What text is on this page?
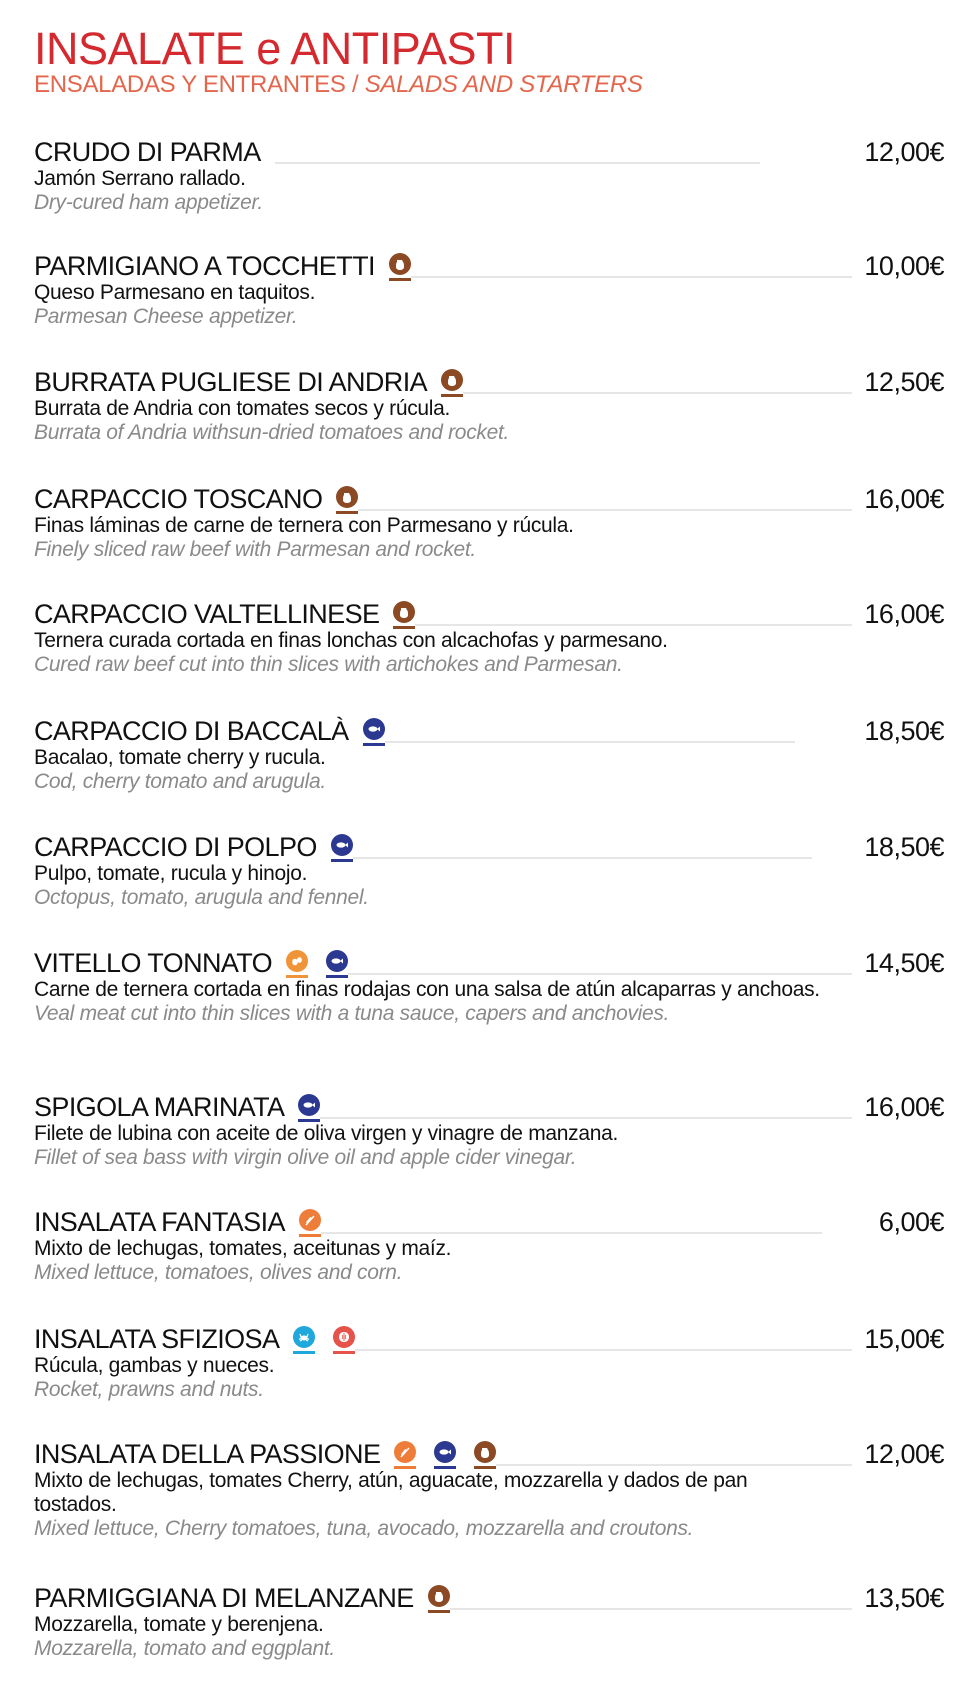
INSALATE e ANTIPASTI
ENSALADAS Y ENTRANTES / SALADS AND STARTERS
CRUDO DI PARMA	12,00€
Jamón Serrano rallado.
Dry-cured ham appetizer.
PARMIGIANO A TOCCHETTI	10,00€
Queso Parmesano en taquitos.
Parmesan Cheese appetizer.
BURRATA PUGLIESE DI ANDRIA	12,50€
Burrata de Andria con tomates secos y rúcula.
Burrata of Andria withsun-dried tomatoes and rocket.
CARPACCIO TOSCANO	16,00€
Finas láminas de carne de ternera con Parmesano y rúcula.
Finely sliced raw beef with Parmesan and rocket.
CARPACCIO VALTELLINESE	16,00€
Ternera curada cortada en finas lonchas con alcachofas y parmesano.
Cured raw beef cut into thin slices with artichokes and Parmesan.
CARPACCIO DI BACCALÀ	18,50€
Bacalao, tomate cherry y rucula.
Cod, cherry tomato and arugula.
CARPACCIO DI POLPO	18,50€
Pulpo, tomate, rucula y hinojo.
Octopus, tomato, arugula and fennel.
VITELLO TONNATO	14,50€
Carne de ternera cortada en finas rodajas con una salsa de atún alcaparras y anchoas.
Veal meat cut into thin slices with a tuna sauce, capers and anchovies.
SPIGOLA MARINATA	16,00€
Filete de lubina con aceite de oliva virgen y vinagre de manzana.
Fillet of sea bass with virgin olive oil and apple cider vinegar.
INSALATA FANTASIA	6,00€
Mixto de lechugas, tomates, aceitunas y maíz.
Mixed lettuce, tomatoes, olives and corn.
INSALATA SFIZIOSA	15,00€
Rúcula, gambas y nueces.
Rocket, prawns and nuts.
INSALATA DELLA PASSIONE	12,00€
Mixto de lechugas, tomates Cherry, atún, aguacate, mozzarella y dados de pan tostados.
Mixed lettuce, Cherry tomatoes, tuna, avocado, mozzarella and croutons.
PARMIGGIANA DI MELANZANE	13,50€
Mozzarella, tomate y berenjena.
Mozzarella, tomato and eggplant.
